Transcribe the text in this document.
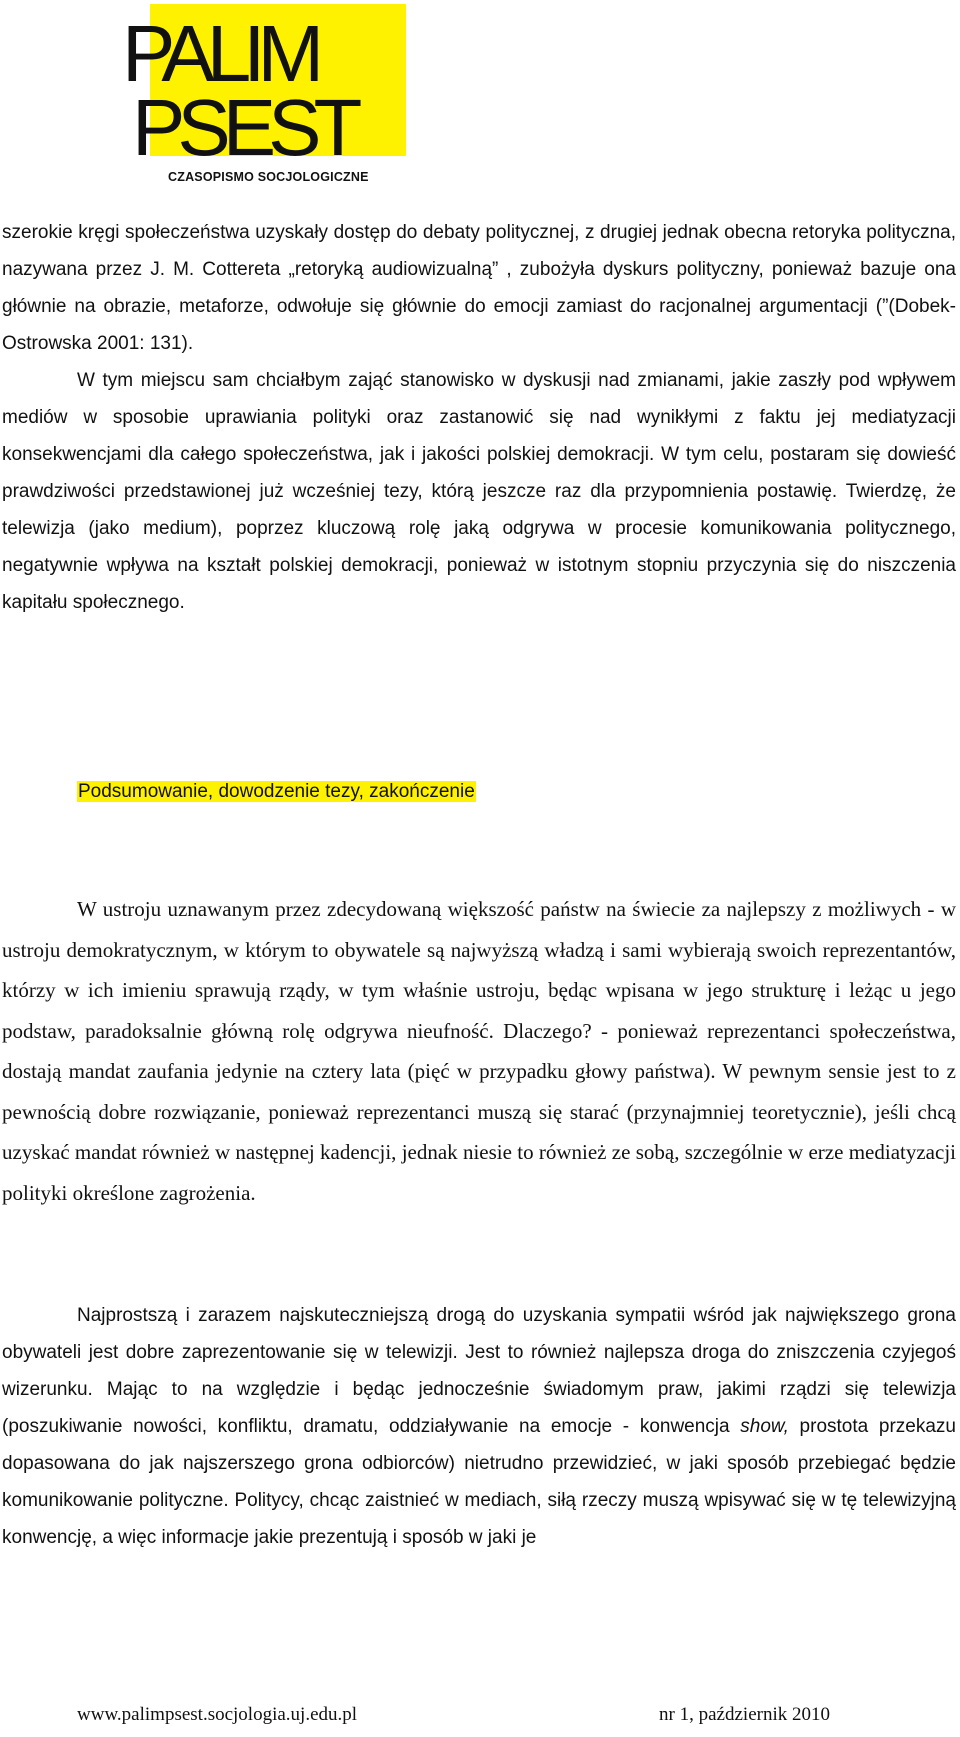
PALIM
PSEST
CZASOPISMO SOCJOLOGICZNE

szerokie kręgi społeczeństwa uzyskały dostęp do debaty politycznej, z drugiej jednak obecna retoryka polityczna, nazywana przez J. M. Cottereta „retoryką audiowizualną” , zubożyła dyskurs polityczny, ponieważ bazuje ona głównie na obrazie, metaforze, odwołuje się głównie do emocji zamiast do racjonalnej argumentacji (”(Dobek-Ostrowska 2001: 131).

W tym miejscu sam chciałbym zająć stanowisko w dyskusji nad zmianami, jakie zaszły pod wpływem mediów w sposobie uprawiania polityki oraz zastanowić się nad wynikłymi z faktu jej mediatyzacji konsekwencjami dla całego społeczeństwa, jak i jakości polskiej demokracji. W tym celu, postaram się dowieść prawdziwości przedstawionej już wcześniej tezy, którą jeszcze raz dla przypomnienia postawię. Twierdzę, że telewizja (jako medium), poprzez kluczową rolę jaką odgrywa w procesie komunikowania politycznego, negatywnie wpływa na kształt polskiej demokracji, ponieważ w istotnym stopniu przyczynia się do niszczenia kapitału społecznego.

Podsumowanie, dowodzenie tezy, zakończenie

W ustroju uznawanym przez zdecydowaną większość państw na świecie za najlepszy z możliwych - w ustroju demokratycznym, w którym to obywatele są najwyższą władzą i sami wybierają swoich reprezentantów, którzy w ich imieniu sprawują rządy, w tym właśnie ustroju, będąc wpisana w jego strukturę i leżąc u jego podstaw, paradoksalnie główną rolę odgrywa nieufność. Dlaczego? - ponieważ reprezentanci społeczeństwa, dostają mandat zaufania jedynie na cztery lata (pięć w przypadku głowy państwa). W pewnym sensie jest to z pewnością dobre rozwiązanie, ponieważ reprezentanci muszą się starać (przynajmniej teoretycznie), jeśli chcą uzyskać mandat również w następnej kadencji, jednak niesie to również ze sobą, szczególnie w erze mediatyzacji polityki określone zagrożenia.

Najprostszą i zarazem najskuteczniejszą drogą do uzyskania sympatii wśród jak największego grona obywateli jest dobre zaprezentowanie się w telewizji. Jest to również najlepsza droga do zniszczenia czyjegoś wizerunku. Mając to na względzie i będąc jednocześnie świadomym praw, jakimi rządzi się telewizja (poszukiwanie nowości, konfliktu, dramatu, oddziaływanie na emocje - konwencja show, prostota przekazu dopasowana do jak najszerszego grona odbiorców) nietrudno przewidzieć, w jaki sposób przebiegać będzie komunikowanie polityczne. Politycy, chcąc zaistnieć w mediach, siłą rzeczy muszą wpisywać się w tę telewizyjną konwencję, a więc informacje jakie prezentują i sposób w jaki je

www.palimpsest.socjologia.uj.edu.pl	nr 1, październik 2010
